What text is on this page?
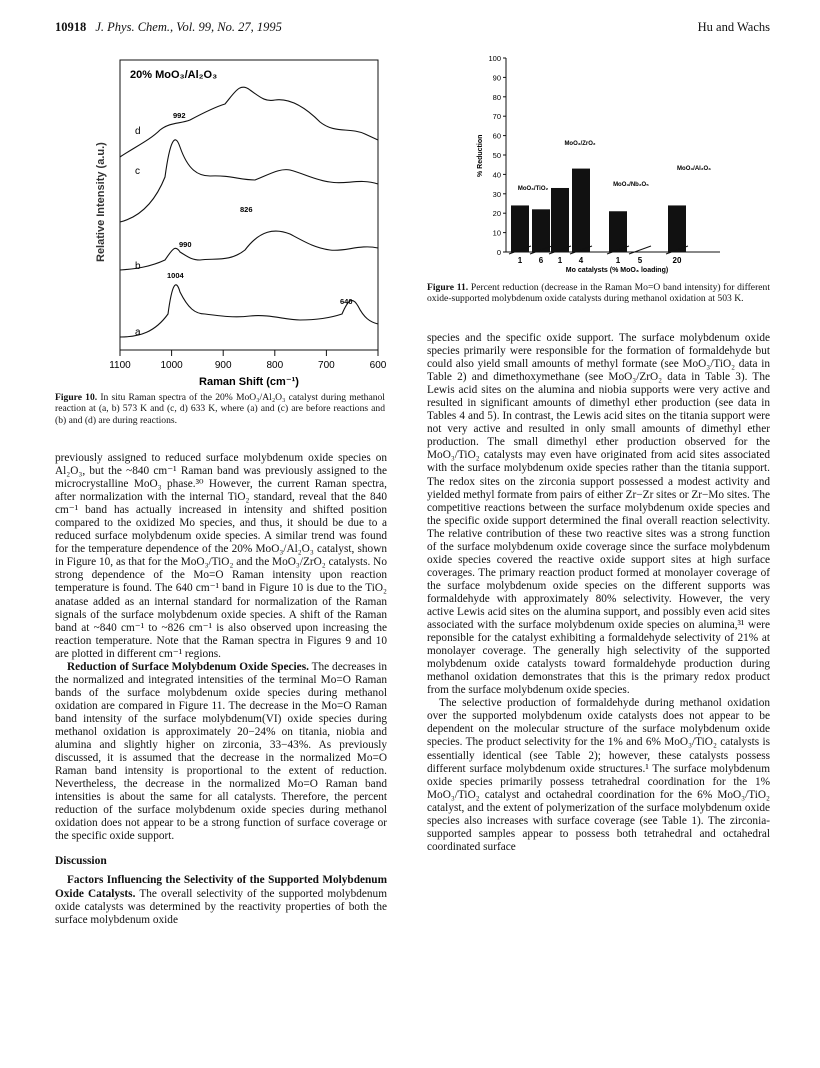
10918 J. Phys. Chem., Vol. 99, No. 27, 1995	Hu and Wachs
20% MoO₃/Al₂O₃
Relative Intensity (a.u.)
d
c
b
a
992
826
990
1004
640
1100	1000	900	800	700	600
Raman Shift (cm⁻¹)
Figure 10. In situ Raman spectra of the 20% MoO₃/Al₂O₃ catalyst during methanol reaction at (a, b) 573 K and (c, d) 633 K, where (a) and (c) are before reactions and (b) and (d) are during reactions.
0
10
20
30
40
50
60
70
80
90
100
% Reduction
1 6 1 4	1 5	20
Mo catalysts (% MoO₃ loading)
MoO₃/TiO₂
MoO₃/ZrO₂
MoO₃/Nb₂O₅
MoO₃/Al₂O₃
Figure 11. Percent reduction (decrease in the Raman Mo=O band intensity) for different oxide-supported molybdenum oxide catalysts during methanol oxidation at 503 K.

previously assigned to reduced surface molybdenum oxide species on Al₂O₃, but the ~840 cm⁻¹ Raman band was previously assigned to the microcrystalline MoO₃ phase.³⁰ However, the current Raman spectra, after normalization with the internal TiO₂ standard, reveal that the 840 cm⁻¹ band has actually increased in intensity and shifted position compared to the oxidized Mo species, and thus, it should be due to a reduced surface molybdenum oxide species. A similar trend was found for the temperature dependence of the 20% MoO₃/Al₂O₃ catalyst, shown in Figure 10, as that for the MoO₃/TiO₂ and the MoO₃/ZrO₂ catalysts. No strong dependence of the Mo=O Raman intensity upon reaction temperature is found. The 640 cm⁻¹ band in Figure 10 is due to the TiO₂ anatase added as an internal standard for normalization of the Raman signals of the surface molybdenum oxide species. A shift of the Raman band at ~840 cm⁻¹ to ~826 cm⁻¹ is also observed upon increasing the reaction temperature. Note that the Raman spectra in Figures 9 and 10 are plotted in different cm⁻¹ regions.

Reduction of Surface Molybdenum Oxide Species. The decreases in the normalized and integrated intensities of the terminal Mo=O Raman bands of the surface molybdenum oxide species during methanol oxidation are compared in Figure 11. The decrease in the Mo=O Raman band intensity of the surface molybdenum(VI) oxide species during methanol oxidation is approximately 20−24% on titania, niobia and alumina and slightly higher on zirconia, 33−43%. As previously discussed, it is assumed that the decrease in the normalized Mo=O Raman band intensity is proportional to the extent of reduction. Nevertheless, the decrease in the normalized Mo=O Raman band intensities is about the same for all catalysts. Therefore, the percent reduction of the surface molybdenum oxide species during methanol oxidation does not appear to be a strong function of surface coverage or the specific oxide support.

Discussion

Factors Influencing the Selectivity of the Supported Molybdenum Oxide Catalysts. The overall selectivity of the supported molybdenum oxide catalysts was determined by the reactivity properties of both the surface molybdenum oxide

species and the specific oxide support. The surface molybdenum oxide species primarily were responsible for the formation of formaldehyde but could also yield small amounts of methyl formate (see MoO₃/TiO₂ data in Table 2) and dimethoxymethane (see MoO₃/ZrO₂ data in Table 3). The Lewis acid sites on the alumina and niobia supports were very active and resulted in significant amounts of dimethyl ether production (see data in Tables 4 and 5). In contrast, the Lewis acid sites on the titania support were not very active and resulted in only small amounts of dimethyl ether production. The small dimethyl ether production observed for the MoO₃/TiO₂ catalysts may even have originated from acid sites associated with the surface molybdenum oxide species rather than the titania support. The redox sites on the zirconia support possessed a modest activity and yielded methyl formate from pairs of either Zr−Zr sites or Zr−Mo sites. The competitive reactions between the surface molybdenum oxide species and the specific oxide support determined the final overall reaction selectivity. The relative contribution of these two reactive sites was a strong function of the surface molybdenum oxide coverage since the surface molybdenum oxide species covered the reactive oxide support sites at high surface coverages. The primary reaction product formed at monolayer coverage of the surface molybdenum oxide species on the different supports was formaldehyde with approximately 80% selectivity. However, the very active Lewis acid sites on the alumina support, and possibly even acid sites associated with the surface molybdenum oxide species on alumina,³¹ were reponsible for the catalyst exhibiting a formaldehyde selectivity of 21% at monolayer coverage. The generally high selectivity of the supported molybdenum oxide catalysts toward formaldehyde production during methanol oxidation demonstrates that this is the primary redox product from the surface molybdenum oxide species.

The selective production of formaldehyde during methanol oxidation over the supported molybdenum oxide catalysts does not appear to be dependent on the molecular structure of the surface molybdenum oxide species. The product selectivity for the 1% and 6% MoO₃/TiO₂ catalysts is essentially identical (see Table 2); however, these catalysts possess different surface molybdenum oxide structures.¹ The surface molybdenum oxide species primarily possess tetrahedral coordination for the 1% MoO₃/TiO₂ catalyst and octahedral coordination for the 6% MoO₃/TiO₂ catalyst, and the extent of polymerization of the surface molybdenum oxide species also increases with surface coverage (see Table 1). The zirconia-supported samples appear to possess both tetrahedral and octahedral coordinated surface
